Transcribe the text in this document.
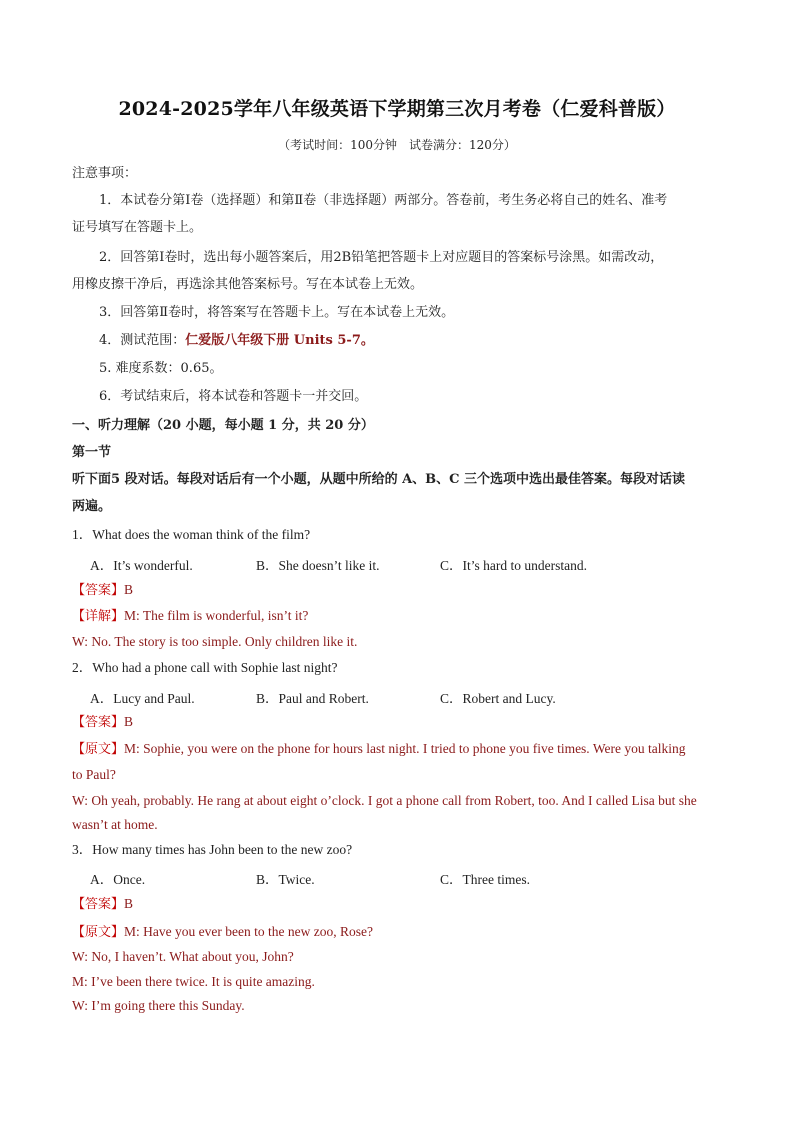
2024-2025学年八年级英语下学期第三次月考卷（仁爱科普版）
（考试时间：100分钟　试卷满分：120分）
注意事项：
1．本试卷分第Ⅰ卷（选择题）和第Ⅱ卷（非选择题）两部分。答卷前，考生务必将自己的姓名、准考
证号填写在答题卡上。
2．回答第Ⅰ卷时，选出每小题答案后，用2B铅笔把答题卡上对应题目的答案标号涂黑。如需改动，
用橡皮擦干净后，再选涂其他答案标号。写在本试卷上无效。
3．回答第Ⅱ卷时，将答案写在答题卡上。写在本试卷上无效。
4．测试范围：仁爱版八年级下册 Units 5-7。
5. 难度系数：0.65。
6．考试结束后，将本试卷和答题卡一并交回。
一、听力理解（20 小题，每小题 1 分，共 20 分）
第一节
听下面5 段对话。每段对话后有一个小题，从题中所给的 A、B、C 三个选项中选出最佳答案。每段对话读
两遍。
1．What does the woman think of the film?
A．It’s wonderful.	B．She doesn’t like it.	C．It’s hard to understand.
【答案】B
【详解】M: The film is wonderful, isn’t it?
W: No. The story is too simple. Only children like it.
2．Who had a phone call with Sophie last night?
A．Lucy and Paul.	B．Paul and Robert.	C．Robert and Lucy.
【答案】B
【原文】M: Sophie, you were on the phone for hours last night. I tried to phone you five times. Were you talking
to Paul?
W: Oh yeah, probably. He rang at about eight o’clock. I got a phone call from Robert, too. And I called Lisa but she
wasn’t at home.
3．How many times has John been to the new zoo?
A．Once.	B．Twice.	C．Three times.
【答案】B
【原文】M: Have you ever been to the new zoo, Rose?
W: No, I haven’t. What about you, John?
M: I’ve been there twice. It is quite amazing.
W: I’m going there this Sunday.
